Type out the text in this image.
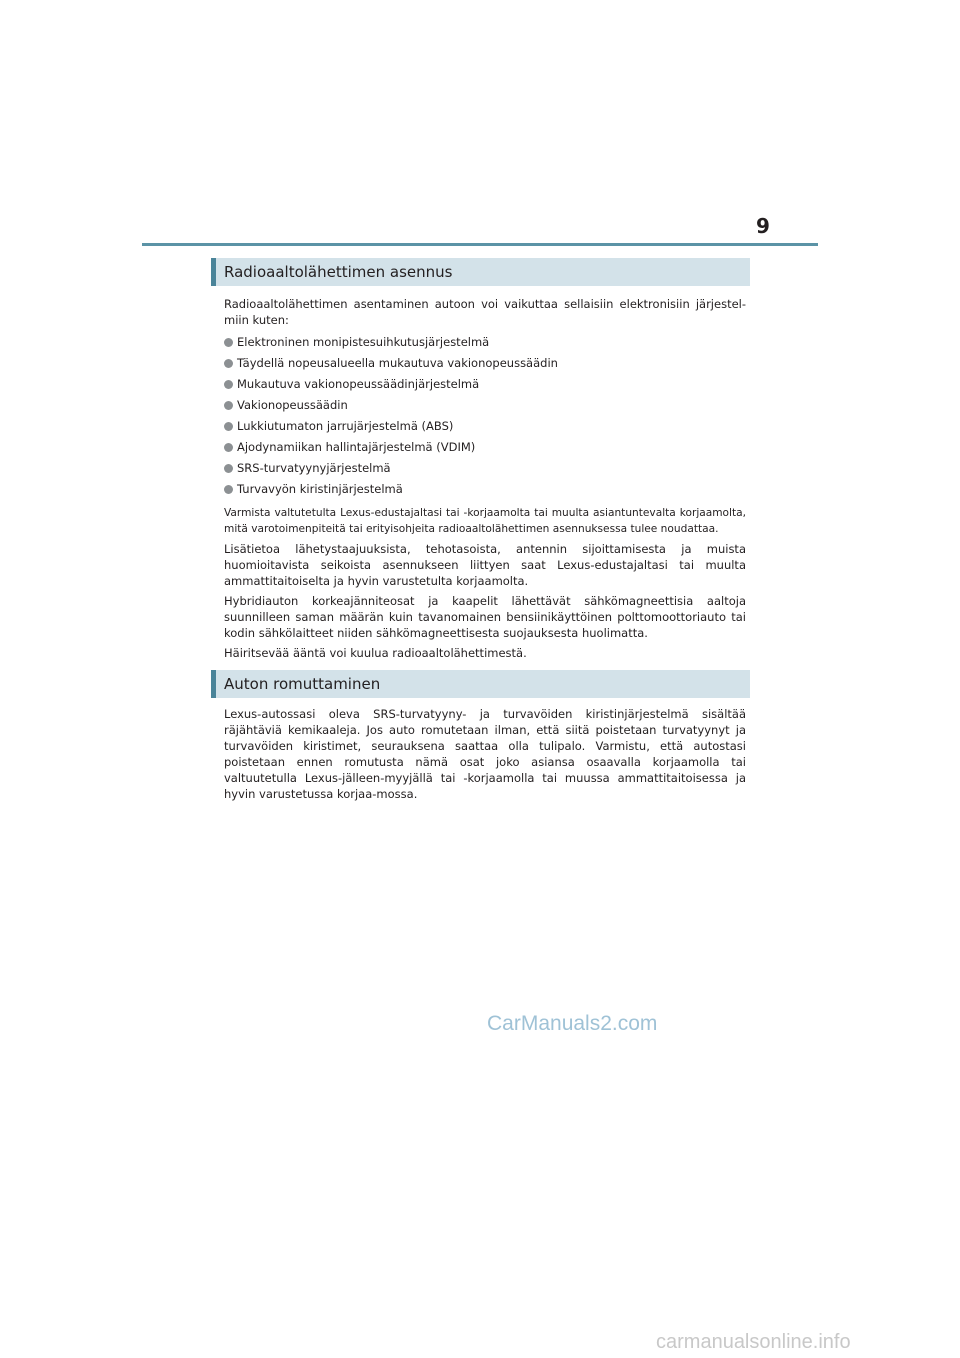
9
Radioaaltolähettimen asennus

Radioaaltolähettimen asentaminen autoon voi vaikuttaa sellaisiin elektronisiin järjestel-miin kuten:

Elektroninen monipistesuihkutusjärjestelmä
Täydellä nopeusalueella mukautuva vakionopeussäädin
Mukautuva vakionopeussäädinjärjestelmä
Vakionopeussäädin
Lukkiutumaton jarrujärjestelmä (ABS)
Ajodynamiikan hallintajärjestelmä (VDIM)
SRS-turvatyynyjärjestelmä
Turvavyön kiristinjärjestelmä

Varmista valtutetulta Lexus-edustajaltasi tai -korjaamolta tai muulta asiantuntevalta korjaamolta, mitä varotoimenpiteitä tai erityisohjeita radioaaltolähettimen asennuksessa tulee noudattaa.

Lisätietoa lähetystaajuuksista, tehotasoista, antennin sijoittamisesta ja muista huomioitavista seikoista asennukseen liittyen saat Lexus-edustajaltasi tai muulta ammattitaitoiselta ja hyvin varustetulta korjaamolta.

Hybridiauton korkeajänniteosat ja kaapelit lähettävät sähkömagneettisia aaltoja suunnilleen saman määrän kuin tavanomainen bensiinikäyttöinen polttomoottoriauto tai kodin sähkölaitteet niiden sähkömagneettisesta suojauksesta huolimatta.

Häiritsevää ääntä voi kuulua radioaaltolähettimestä.

Auton romuttaminen

Lexus-autossasi oleva SRS-turvatyyny- ja turvavöiden kiristinjärjestelmä sisältää räjähtäviä kemikaaleja. Jos auto romutetaan ilman, että siitä poistetaan turvatyynyt ja turvavöiden kiristimet, seurauksena saattaa olla tulipalo. Varmistu, että autostasi poistetaan ennen romutusta nämä osat joko asiansa osaavalla korjaamolla tai valtuutetulla Lexus-jälleen-myyjällä tai -korjaamolla tai muussa ammattitaitoisessa ja hyvin varustetussa korjaa-mossa.

CarManuals2.com
carmanualsonline.info
